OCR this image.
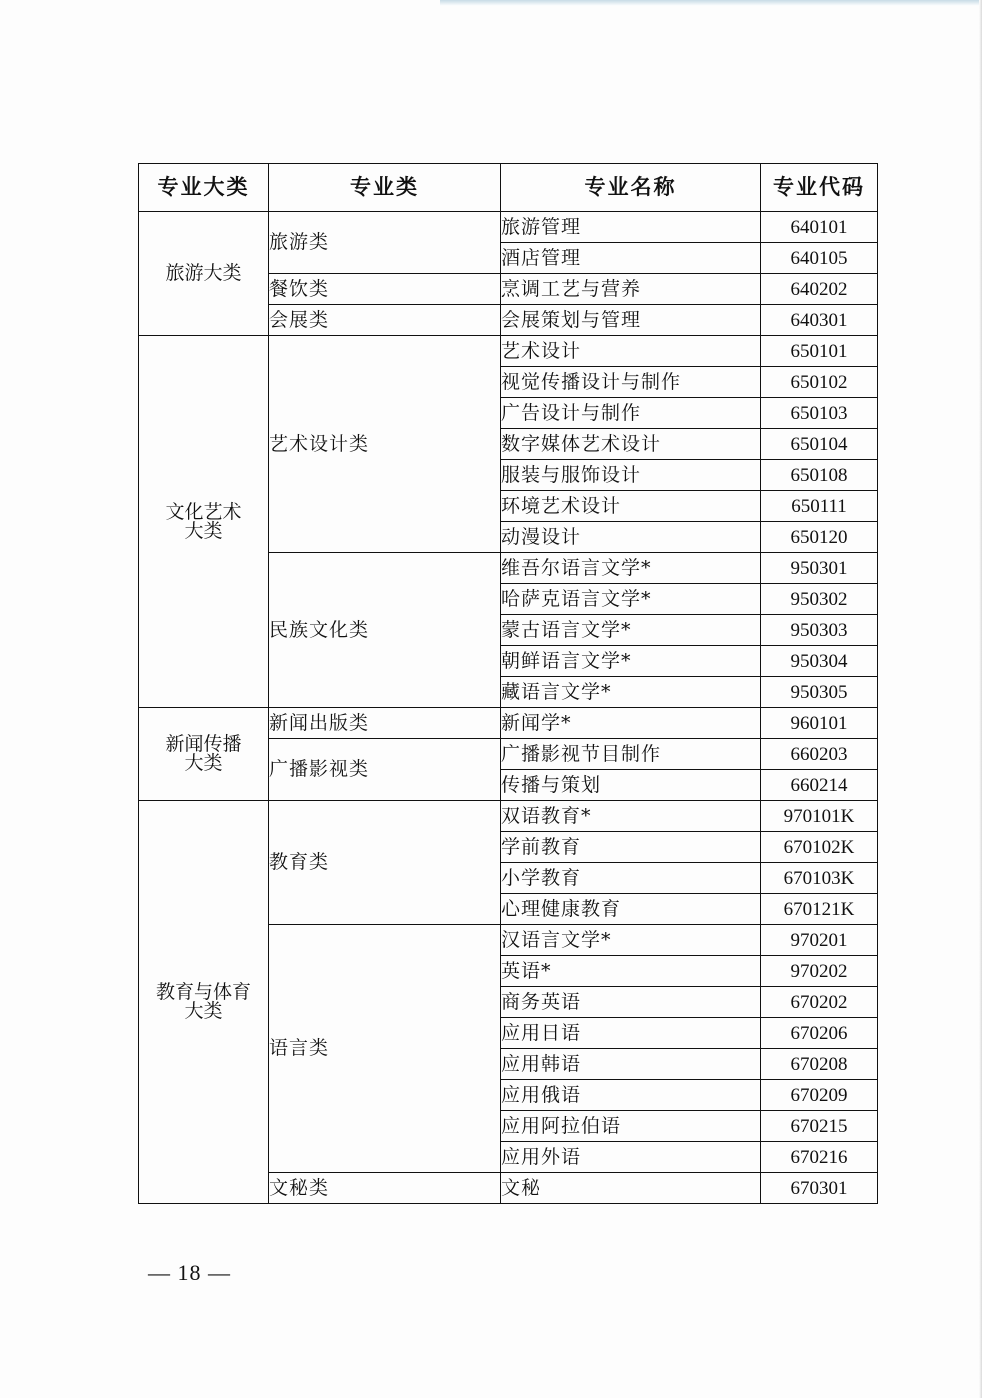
专业大类	专业类	专业名称	专业代码

旅游大类	旅游类	旅游管理	640101
		酒店管理	640105
	餐饮类	烹调工艺与营养	640202
	会展类	会展策划与管理	640301

文化艺术
大类	艺术设计类	艺术设计	650101
		视觉传播设计与制作	650102
		广告设计与制作	650103
		数字媒体艺术设计	650104
		服装与服饰设计	650108
		环境艺术设计	650111
		动漫设计	650120
	民族文化类	维吾尔语言文学*	950301
		哈萨克语言文学*	950302
		蒙古语言文学*	950303
		朝鲜语言文学*	950304
		藏语言文学*	950305

新闻传播
大类	新闻出版类	新闻学*	960101
	广播影视类	广播影视节目制作	660203
		传播与策划	660214

教育与体育
大类	教育类	双语教育*	970101K
		学前教育	670102K
		小学教育	670103K
		心理健康教育	670121K
	语言类	汉语言文学*	970201
		英语*	970202
		商务英语	670202
		应用日语	670206
		应用韩语	670208
		应用俄语	670209
		应用阿拉伯语	670215
		应用外语	670216
	文秘类	文秘	670301
— 18 —
